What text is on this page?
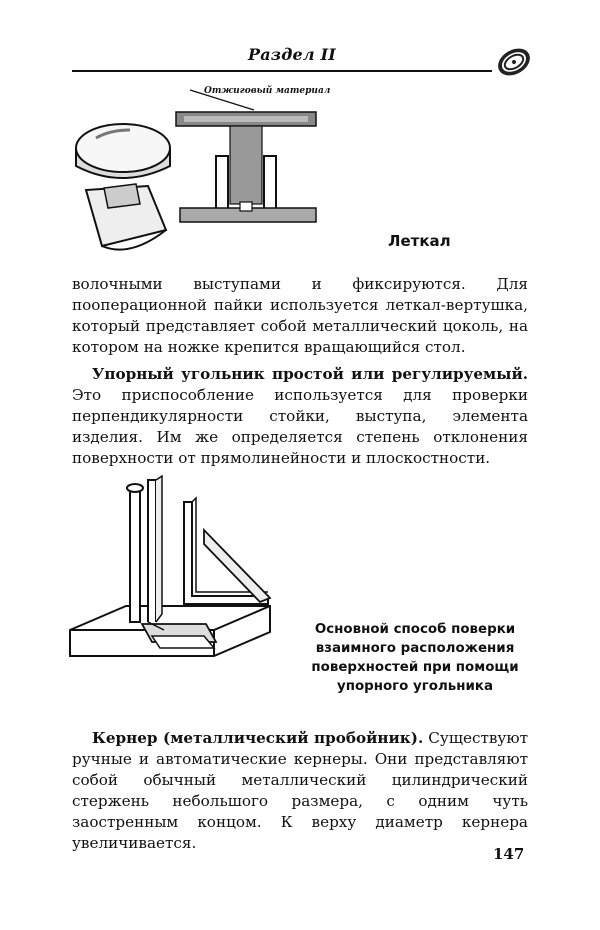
Раздел II
Отжиговый материал
Леткал

волочными выступами и фиксируются. Для пооперационной пайки используется леткал-вертушка, который представляет собой металлический цоколь, на котором на ножке крепится вращающийся стол.

Упорный угольник простой или регулируемый. Это приспособление используется для проверки перпендикулярности стойки, выступа, элемента изделия. Им же определяется степень отклонения поверхности от прямолинейности и плоскостности.

Основной способ поверки взаимного расположения поверхностей при помощи упорного угольника

Кернер (металлический пробойник). Существуют ручные и автоматические кернеры. Они представляют собой обычный металлический цилиндрический стержень небольшого размера, с одним чуть заостренным концом. К верху диаметр кернера увеличивается.

147
